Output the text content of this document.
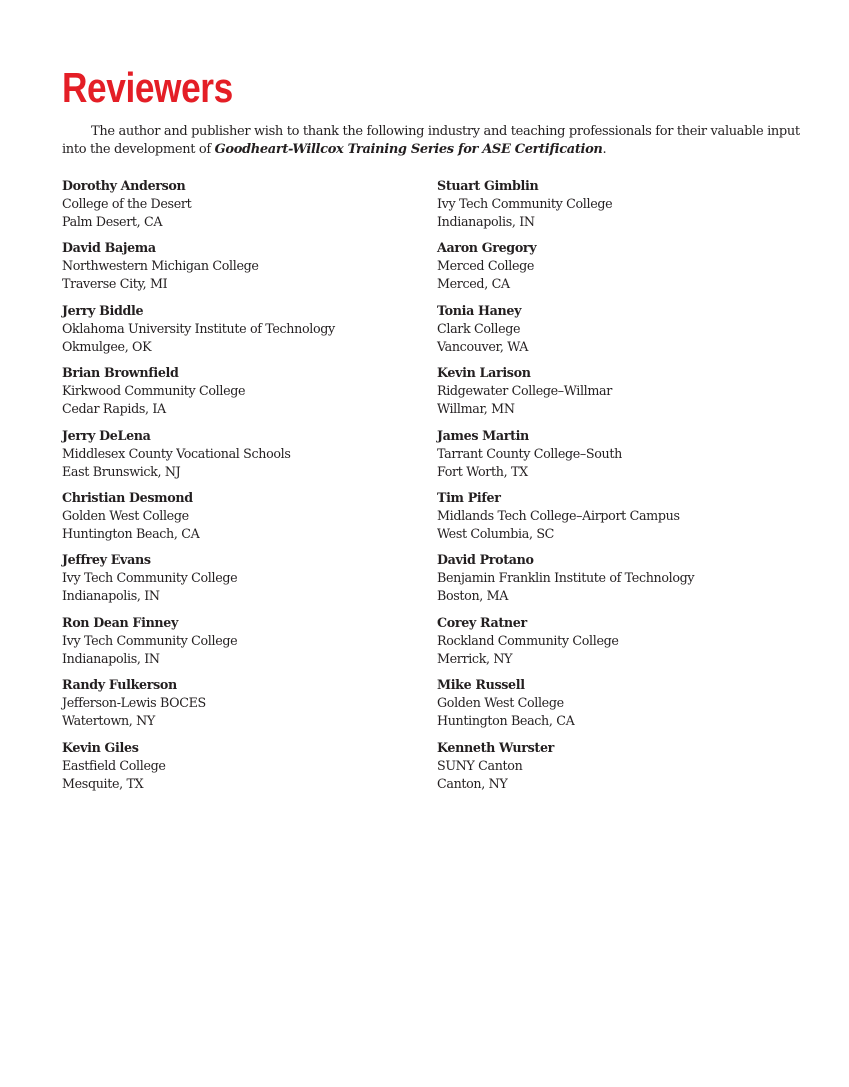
Reviewers

The author and publisher wish to thank the following industry and teaching professionals for their valuable input into the development of Goodheart-Willcox Training Series for ASE Certification.

Dorothy Anderson
College of the Desert
Palm Desert, CA
David Bajema
Northwestern Michigan College
Traverse City, MI
Jerry Biddle
Oklahoma University Institute of Technology
Okmulgee, OK
Brian Brownfield
Kirkwood Community College
Cedar Rapids, IA
Jerry DeLena
Middlesex County Vocational Schools
East Brunswick, NJ
Christian Desmond
Golden West College
Huntington Beach, CA
Jeffrey Evans
Ivy Tech Community College
Indianapolis, IN
Ron Dean Finney
Ivy Tech Community College
Indianapolis, IN
Randy Fulkerson
Jefferson-Lewis BOCES
Watertown, NY
Kevin Giles
Eastfield College
Mesquite, TX
Stuart Gimblin
Ivy Tech Community College
Indianapolis, IN
Aaron Gregory
Merced College
Merced, CA
Tonia Haney
Clark College
Vancouver, WA
Kevin Larison
Ridgewater College–Willmar
Willmar, MN
James Martin
Tarrant County College–South
Fort Worth, TX
Tim Pifer
Midlands Tech College–Airport Campus
West Columbia, SC
David Protano
Benjamin Franklin Institute of Technology
Boston, MA
Corey Ratner
Rockland Community College
Merrick, NY
Mike Russell
Golden West College
Huntington Beach, CA
Kenneth Wurster
SUNY Canton
Canton, NY
